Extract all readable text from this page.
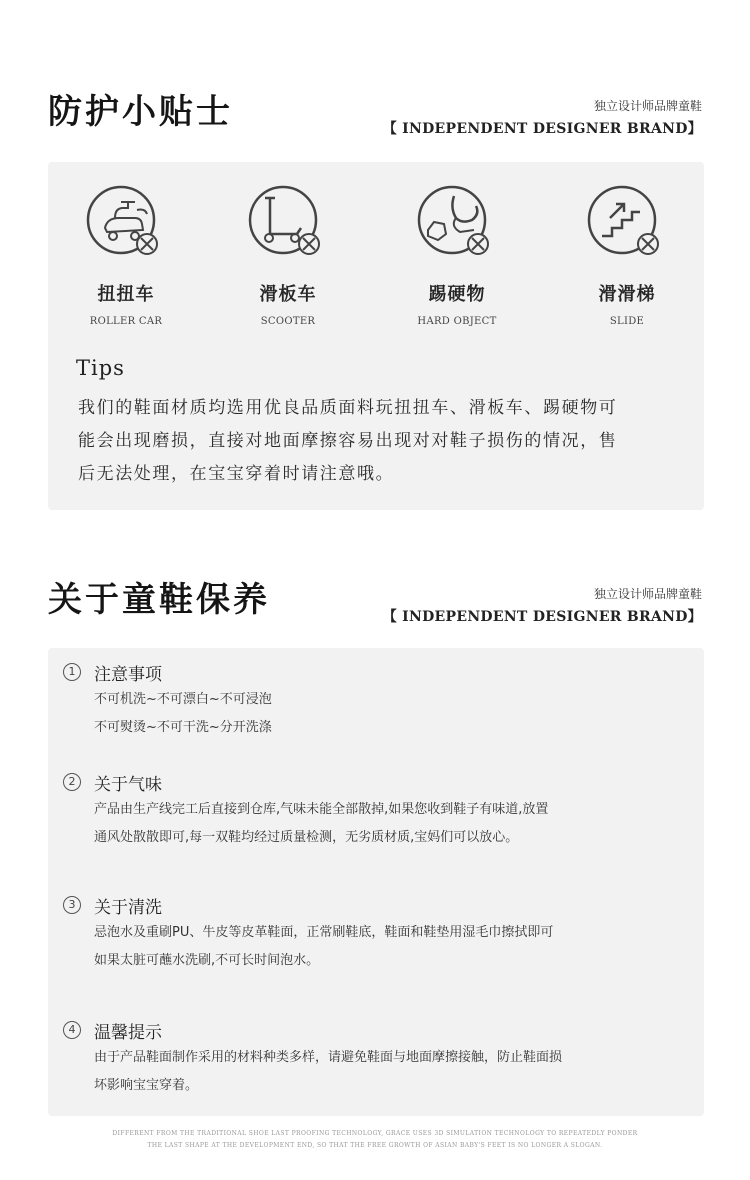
防护小贴士	独立设计师品牌童鞋
【 INDEPENDENT DESIGNER BRAND】
扭扭车
ROLLER CAR
滑板车
SCOOTER
踢硬物
HARD OBJECT
滑滑梯
SLIDE
Tips
我们的鞋面材质均选用优良品质面料玩扭扭车、滑板车、踢硬物可
能会出现磨损，直接对地面摩擦容易出现对对鞋子损伤的情况，售
后无法处理，在宝宝穿着时请注意哦。
关于童鞋保养	独立设计师品牌童鞋
【 INDEPENDENT DESIGNER BRAND】
1	注意事项
不可机洗~不可漂白~不可浸泡
不可熨烫~不可干洗~分开洗涤
2	关于气味
产品由生产线完工后直接到仓库,气味未能全部散掉,如果您收到鞋子有味道,放置
通风处散散即可,每一双鞋均经过质量检测，无劣质材质,宝妈们可以放心。
3	关于清洗
忌泡水及重刷PU、牛皮等皮革鞋面，正常刷鞋底，鞋面和鞋垫用湿毛巾擦拭即可
如果太脏可蘸水洗刷,不可长时间泡水。
4	温馨提示
由于产品鞋面制作采用的材料种类多样，请避免鞋面与地面摩擦接触，防止鞋面损
坏影响宝宝穿着。
DIFFERENT FROM THE TRADITIONAL SHOE LAST PROOFING TECHNOLOGY, GRACE USES 3D SIMULATION TECHNOLOGY TO REPEATEDLY PONDER
THE LAST SHAPE AT THE DEVELOPMENT END, SO THAT THE FREE GROWTH OF ASIAN BABY'S FEET IS NO LONGER A SLOGAN.
